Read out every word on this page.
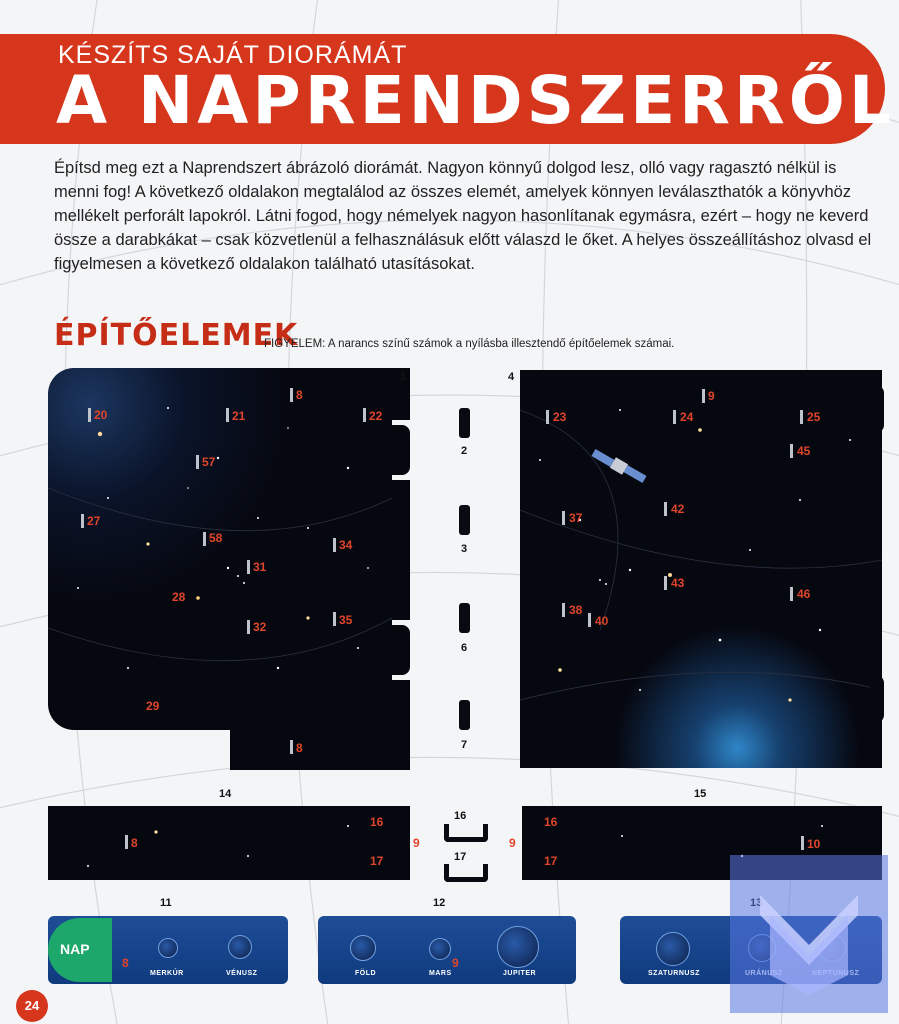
KÉSZÍTS SAJÁT DIORÁMÁT
A NAPRENDSZERRŐL

Építsd meg ezt a Naprendszert ábrázoló diorámát. Nagyon könnyű dolgod lesz, olló vagy ragasztó nélkül is menni fog! A következő oldalakon megtalálod az összes elemét, amelyek könnyen leválaszthatók a könyvhöz mellékelt perforált lapokról. Látni fogod, hogy némelyek nagyon hasonlítanak egymásra, ezért – hogy ne keverd össze a darabkákat – csak közvetlenül a felhasználásuk előtt válaszd le őket. A helyes összeállításhoz olvasd el figyelmesen a következő oldalakon található utasításokat.

ÉPÍTŐELEMEK
FIGYELEM: A narancs színű számok a nyílásba illesztendő építőelemek számai.
1
20	21
8
22
57
27
58	34
31
28
32	35
29
8
2
3
6
7
4
9
23	24	25
45
42
37
43
38
40
46
14
8
16
17
9
16
17
15
9
16
17
10
11
NAP
8
MERKÚR	VÉNUSZ
12
FÖLD
9
MARS	JUPITER	SZATURNUSZ
24
